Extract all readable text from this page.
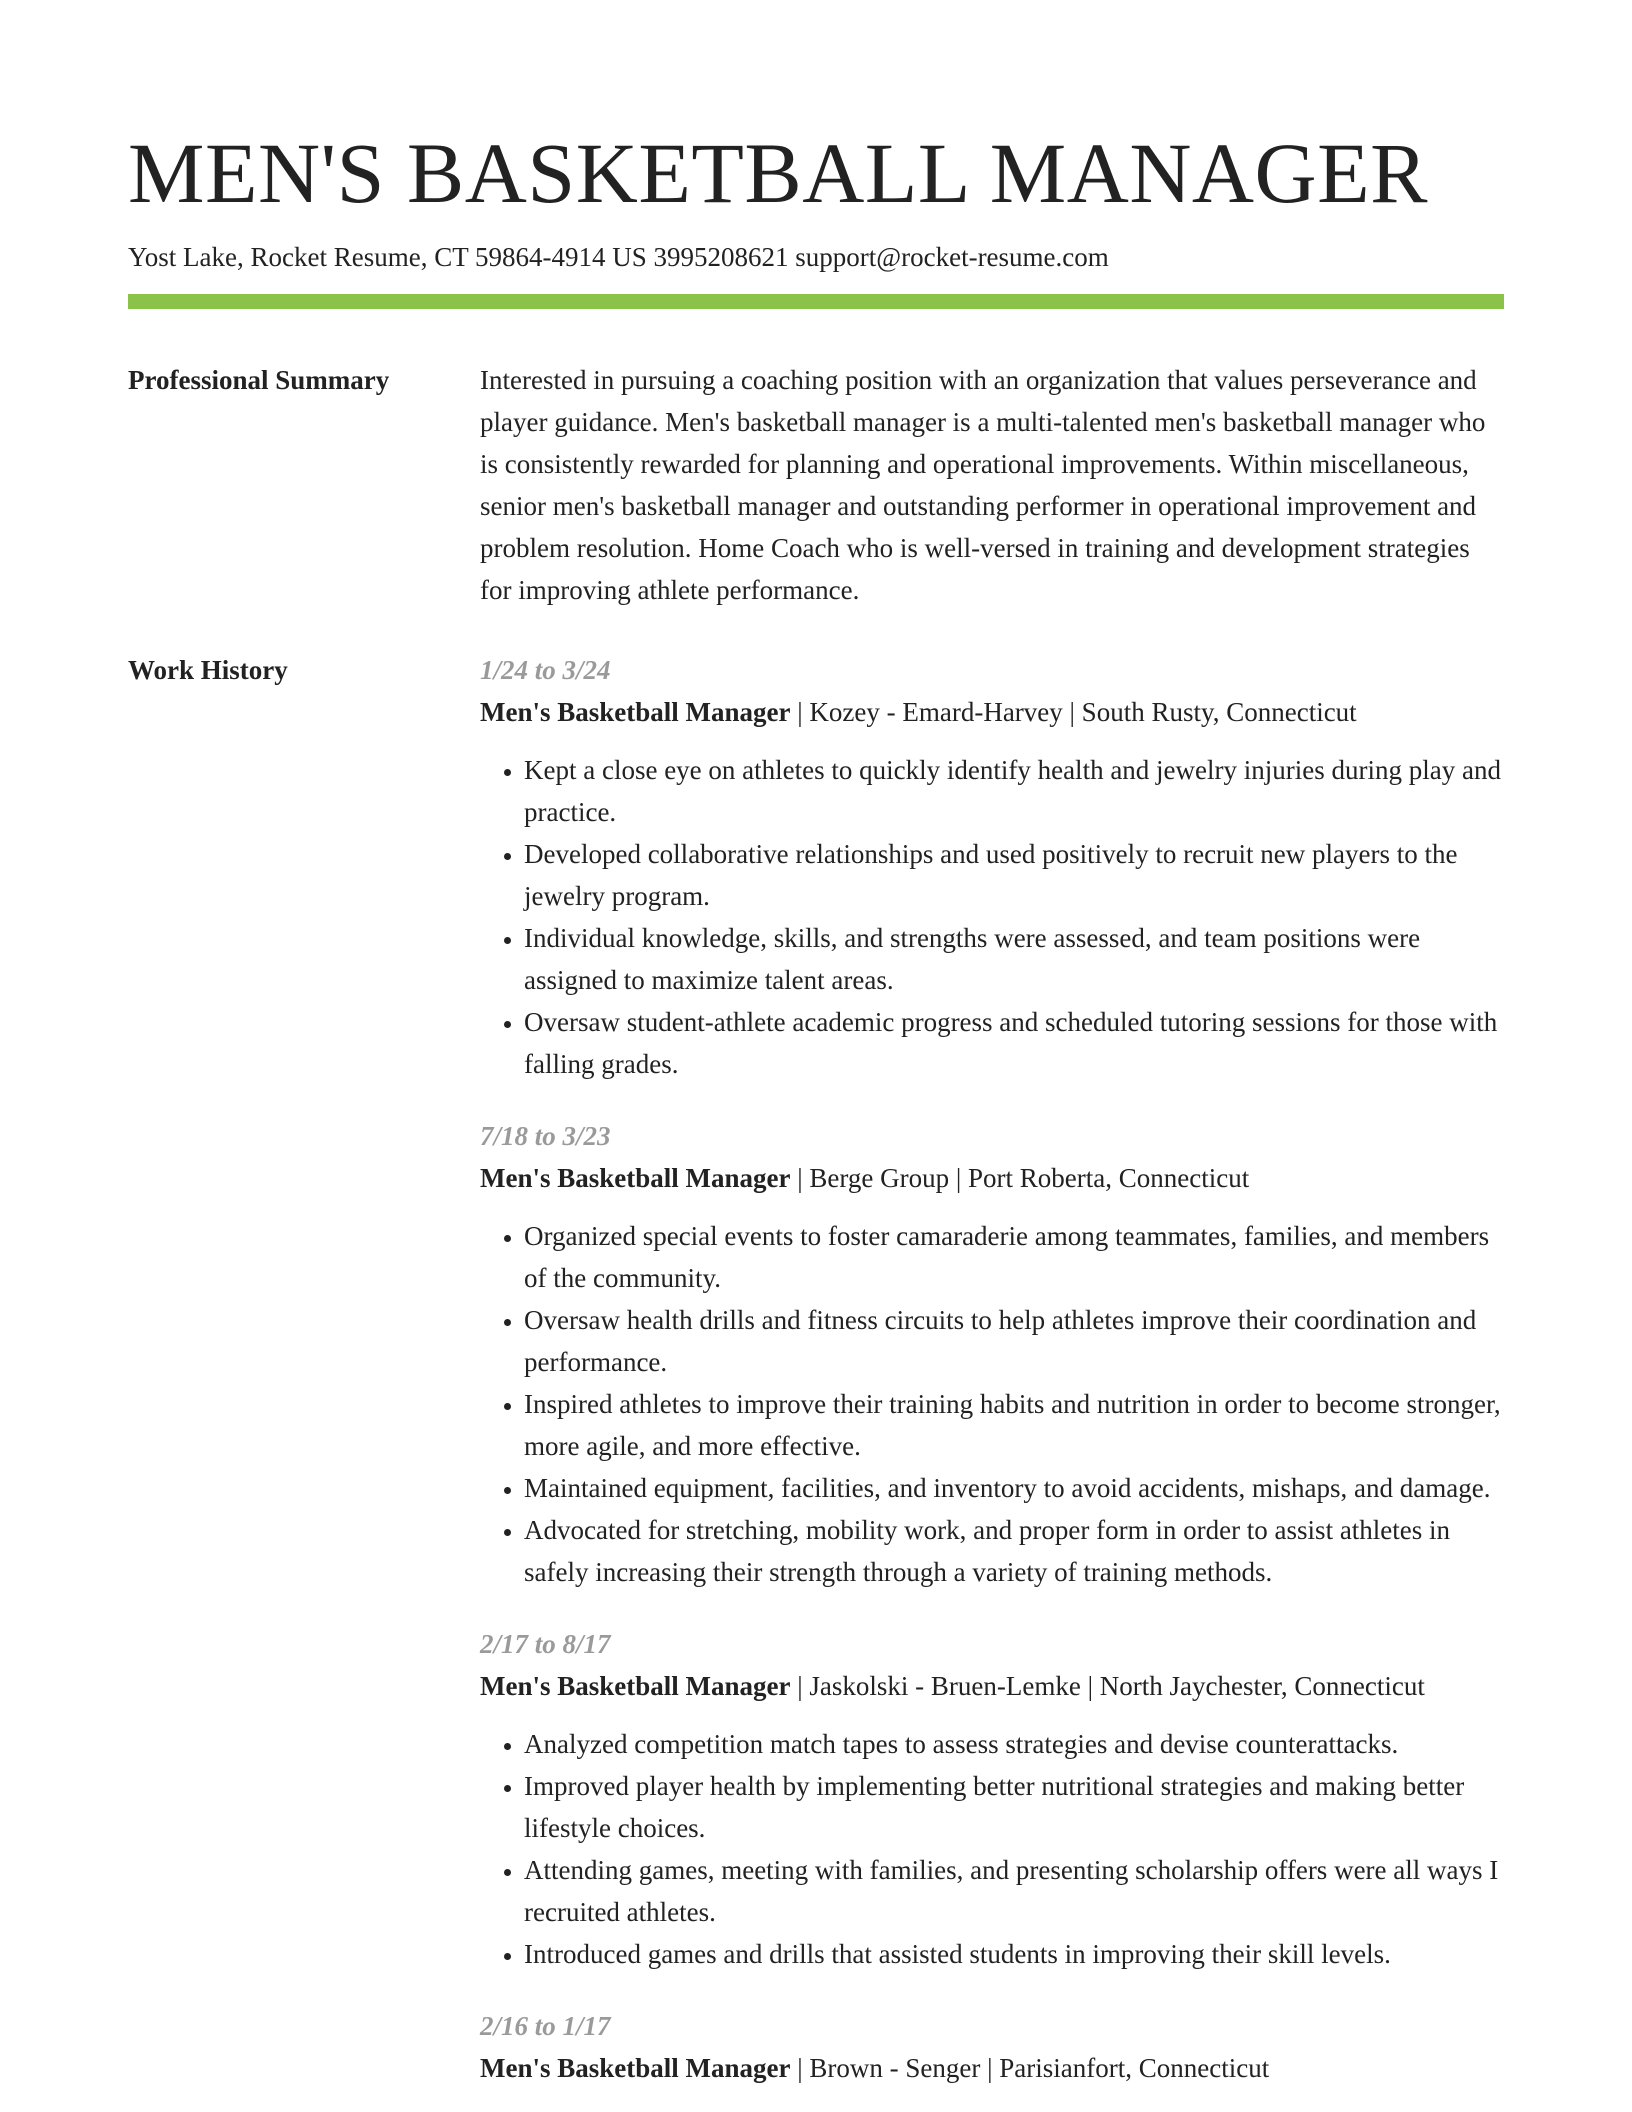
MEN'S BASKETBALL MANAGER
Yost Lake, Rocket Resume, CT 59864-4914 US 3995208621 support@rocket-resume.com
Professional Summary	Interested in pursuing a coaching position with an organization that values perseverance and player guidance. Men's basketball manager is a multi-talented men's basketball manager who is consistently rewarded for planning and operational improvements. Within miscellaneous, senior men's basketball manager and outstanding performer in operational improvement and problem resolution. Home Coach who is well-versed in training and development strategies for improving athlete performance.

Work History	1/24 to 3/24
Men's Basketball Manager | Kozey - Emard-Harvey | South Rusty, Connecticut
• Kept a close eye on athletes to quickly identify health and jewelry injuries during play and practice.
• Developed collaborative relationships and used positively to recruit new players to the jewelry program.
• Individual knowledge, skills, and strengths were assessed, and team positions were assigned to maximize talent areas.
• Oversaw student-athlete academic progress and scheduled tutoring sessions for those with falling grades.
7/18 to 3/23
Men's Basketball Manager | Berge Group | Port Roberta, Connecticut
• Organized special events to foster camaraderie among teammates, families, and members of the community.
• Oversaw health drills and fitness circuits to help athletes improve their coordination and performance.
• Inspired athletes to improve their training habits and nutrition in order to become stronger, more agile, and more effective.
• Maintained equipment, facilities, and inventory to avoid accidents, mishaps, and damage.
• Advocated for stretching, mobility work, and proper form in order to assist athletes in safely increasing their strength through a variety of training methods.
2/17 to 8/17
Men's Basketball Manager | Jaskolski - Bruen-Lemke | North Jaychester, Connecticut
• Analyzed competition match tapes to assess strategies and devise counterattacks.
• Improved player health by implementing better nutritional strategies and making better lifestyle choices.
• Attending games, meeting with families, and presenting scholarship offers were all ways I recruited athletes.
• Introduced games and drills that assisted students in improving their skill levels.
2/16 to 1/17
Men's Basketball Manager | Brown - Senger | Parisianfort, Connecticut
